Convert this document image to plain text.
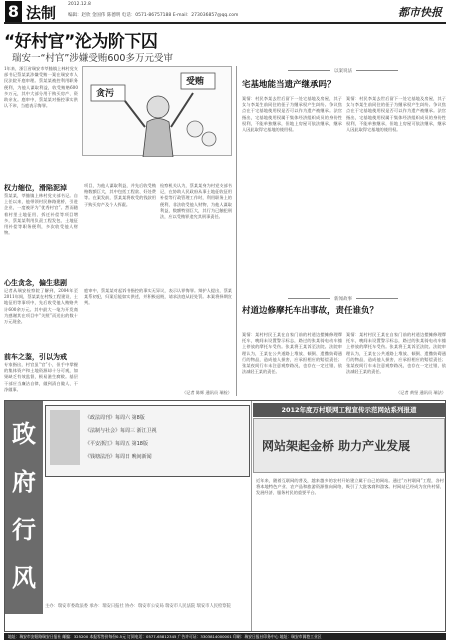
8 法制	2012.12.8
编辑：赵欣 金国伟 陈德明 电话：0571-86757188 E-mail：273036857@qq.com	都市快报
“好村官”沦为阶下囚
瑞安一“村官”涉嫌受贿600多万元受审
贪污
受贿
1年来，浙江省瑞安市莘塍镇上林村党支部书记蔡某某涉嫌受贿一案在瑞安市人民法院开庭审理。蔡某某被控利用职务便利，为他人谋取利益，收受贿赂600多万元，其中大部分用于购买房产、资助亲友。庭审中，蔡某某对指控事实供认不讳，当庭表示悔罪。
权力缩位，滑陷泥淖
蔡某某，莘塍镇上林村党支部书记。自上任以来，他带领村民修路建桥，引进企业，一度被评为“优秀村官”。然而随着村里土地征用、拆迁补偿等项目增多，蔡某某利用负责工程发包、土地征用补偿等职务便利，多次收受他人财物。
心生贪念，偏生悲剧
记者从瑞安检察院了解到，2004年至2011年间，蔡某某在村级工程建设、土地征用等事项中，先后收受他人贿赂共计600余万元。其中最大一笔为开发商为感谢其在项目中“关照”而送出的数十万元现金。
前车之鉴，引以为戒
专家指出，村官虽“官”小，但手中掌握的集体资产和土地资源却十分可观，如果缺乏有效监督，极易滋生腐败。基层干部应当廉洁自律，做到清白做人、干净做事。
项目，为他人谋取利益，并先后收受贿赂数额巨大，其中包括工程款、好处费等。在案发前，蔡某某将收受的钱款用于购买房产及个人挥霍。
检察机关认为，蔡某某身为村党支部书记，在协助人民政府从事土地征收征用补偿等行政管理工作时，利用职务上的便利，非法收受他人财物，为他人谋取利益，数额特别巨大，其行为已触犯刑法，应以受贿罪追究其刑事责任。
庭审中，蔡某某对起诉书指控的事实无异议，表示认罪悔罪。辩护人提出，蔡某某系初犯，归案后能如实供述，并积极退赃，请求法庭从轻处罚。本案将择期宣判。
（记者 陈辉 通讯员 瑞检）
以案说法
宅基地能当遗产继承吗？
案情：村民李某去世后留下一处宅基地及房屋，其子女与李某生前同住的侄子为继承权产生纠纷。争议焦点在于宅基地使用权是否可以作为遗产被继承。法官指出，宅基地使用权属于集体经济组织成员的身份性权利，不能单独继承，但地上房屋可依法继承，继承人因此取得宅基地的使用权。
案情：村民李某去世后留下一处宅基地及房屋，其子女与李某生前同住的侄子为继承权产生纠纷。争议焦点在于宅基地使用权是否可以作为遗产被继承。法官指出，宅基地使用权属于集体经济组织成员的身份性权利，不能单独继承，但地上房屋可依法继承，继承人因此取得宅基地的使用权。
新闻故事
村道边修摩托车出事故，责任谁负？
案情：某村村民王某在自家门前的村道边摆摊修理摩托车，晚间未设置警示标志，路过的张某骑电动车撞上停放的摩托车受伤。张某将王某诉至法院。法院审理认为，王某在公共道路上堆放、倾倒、遗撒妨碍通行的物品，造成他人损害，应承担相应的赔偿责任；张某夜间行车未注意观察路况，也存在一定过错，依法减轻王某的责任。
案情：某村村民王某在自家门前的村道边摆摊修理摩托车，晚间未设置警示标志，路过的张某骑电动车撞上停放的摩托车受伤。张某将王某诉至法院。法院审理认为，王某在公共道路上堆放、倾倒、遗撒妨碍通行的物品，造成他人损害，应承担相应的赔偿责任；张某夜间行车未注意观察路况，也存在一定过错，依法减轻王某的责任。
（记者 黄坚 通讯员 瑞法）
政府 行风
《政法周刊》每周六 第8版
《法制与社会》每周三 浙江卫视
《平安浙江》每周五 第18版
《钱塘法治》每周日 晚间新闻
主办：瑞安市委政法委 承办：瑞安日报社 协办：瑞安市公安局 瑞安市人民法院 瑞安市人民检察院
2012年度万村联网工程宣传示范网站系列报道
网站架起金桥 助力产业发展
近年来，随着互联网的普及，越来越多的农村开始建立属于自己的网站。通过“万村联网”工程，各村将本地特色产业、农产品和旅游资源推向网络，吸引了大批客商和游客。村网站已经成为宣传村情、发展经济、服务村民的重要平台。
地址：瑞安市安阳路瑞安日报社 邮编：325200 本报零售价每份0.5元 订阅电话：0577-65812345 广告许可证：3303814000001 印刷：瑞安日报社印务中心 地址：瑞安市阁巷工业区
